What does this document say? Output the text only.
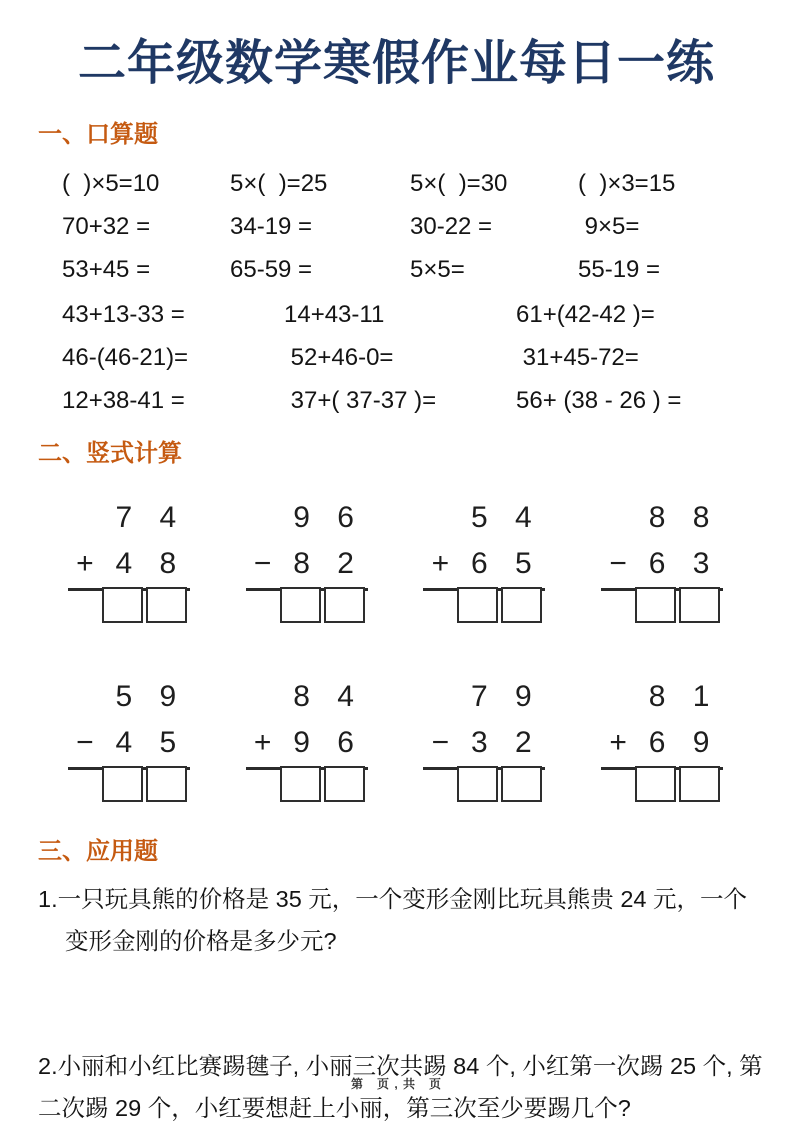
二年级数学寒假作业每日一练
一、口算题
(  )×5=10	5×(  )=25	5×(  )=30	(  )×3=15
70+32 =	34-19 =	30-22 =	9×5=
53+45 =	65-59 =	5×5=	55-19 =
43+13-33 =	14+43-11	61+(42-42 )=
46-(46-21)=	52+46-0=	31+45-72=
12+38-41 =	37+( 37-37 )=	56+ (38 - 26 ) =
二、竖式计算
7 4
+ 4 8
9 6
− 8 2
5 4
+ 6 5
8 8
− 6 3
5 9
− 4 5
8 4
+ 9 6
7 9
− 3 2
8 1
+ 6 9
三、应用题

1.一只玩具熊的价格是 35 元，一个变形金刚比玩具熊贵 24 元，一个变形金刚的价格是多少元?

2.小丽和小红比赛踢毽子, 小丽三次共踢 84 个, 小红第一次踢 25 个, 第二次踢 29 个，小红要想赶上小丽，第三次至少要踢几个?

第　页 , 共　页
